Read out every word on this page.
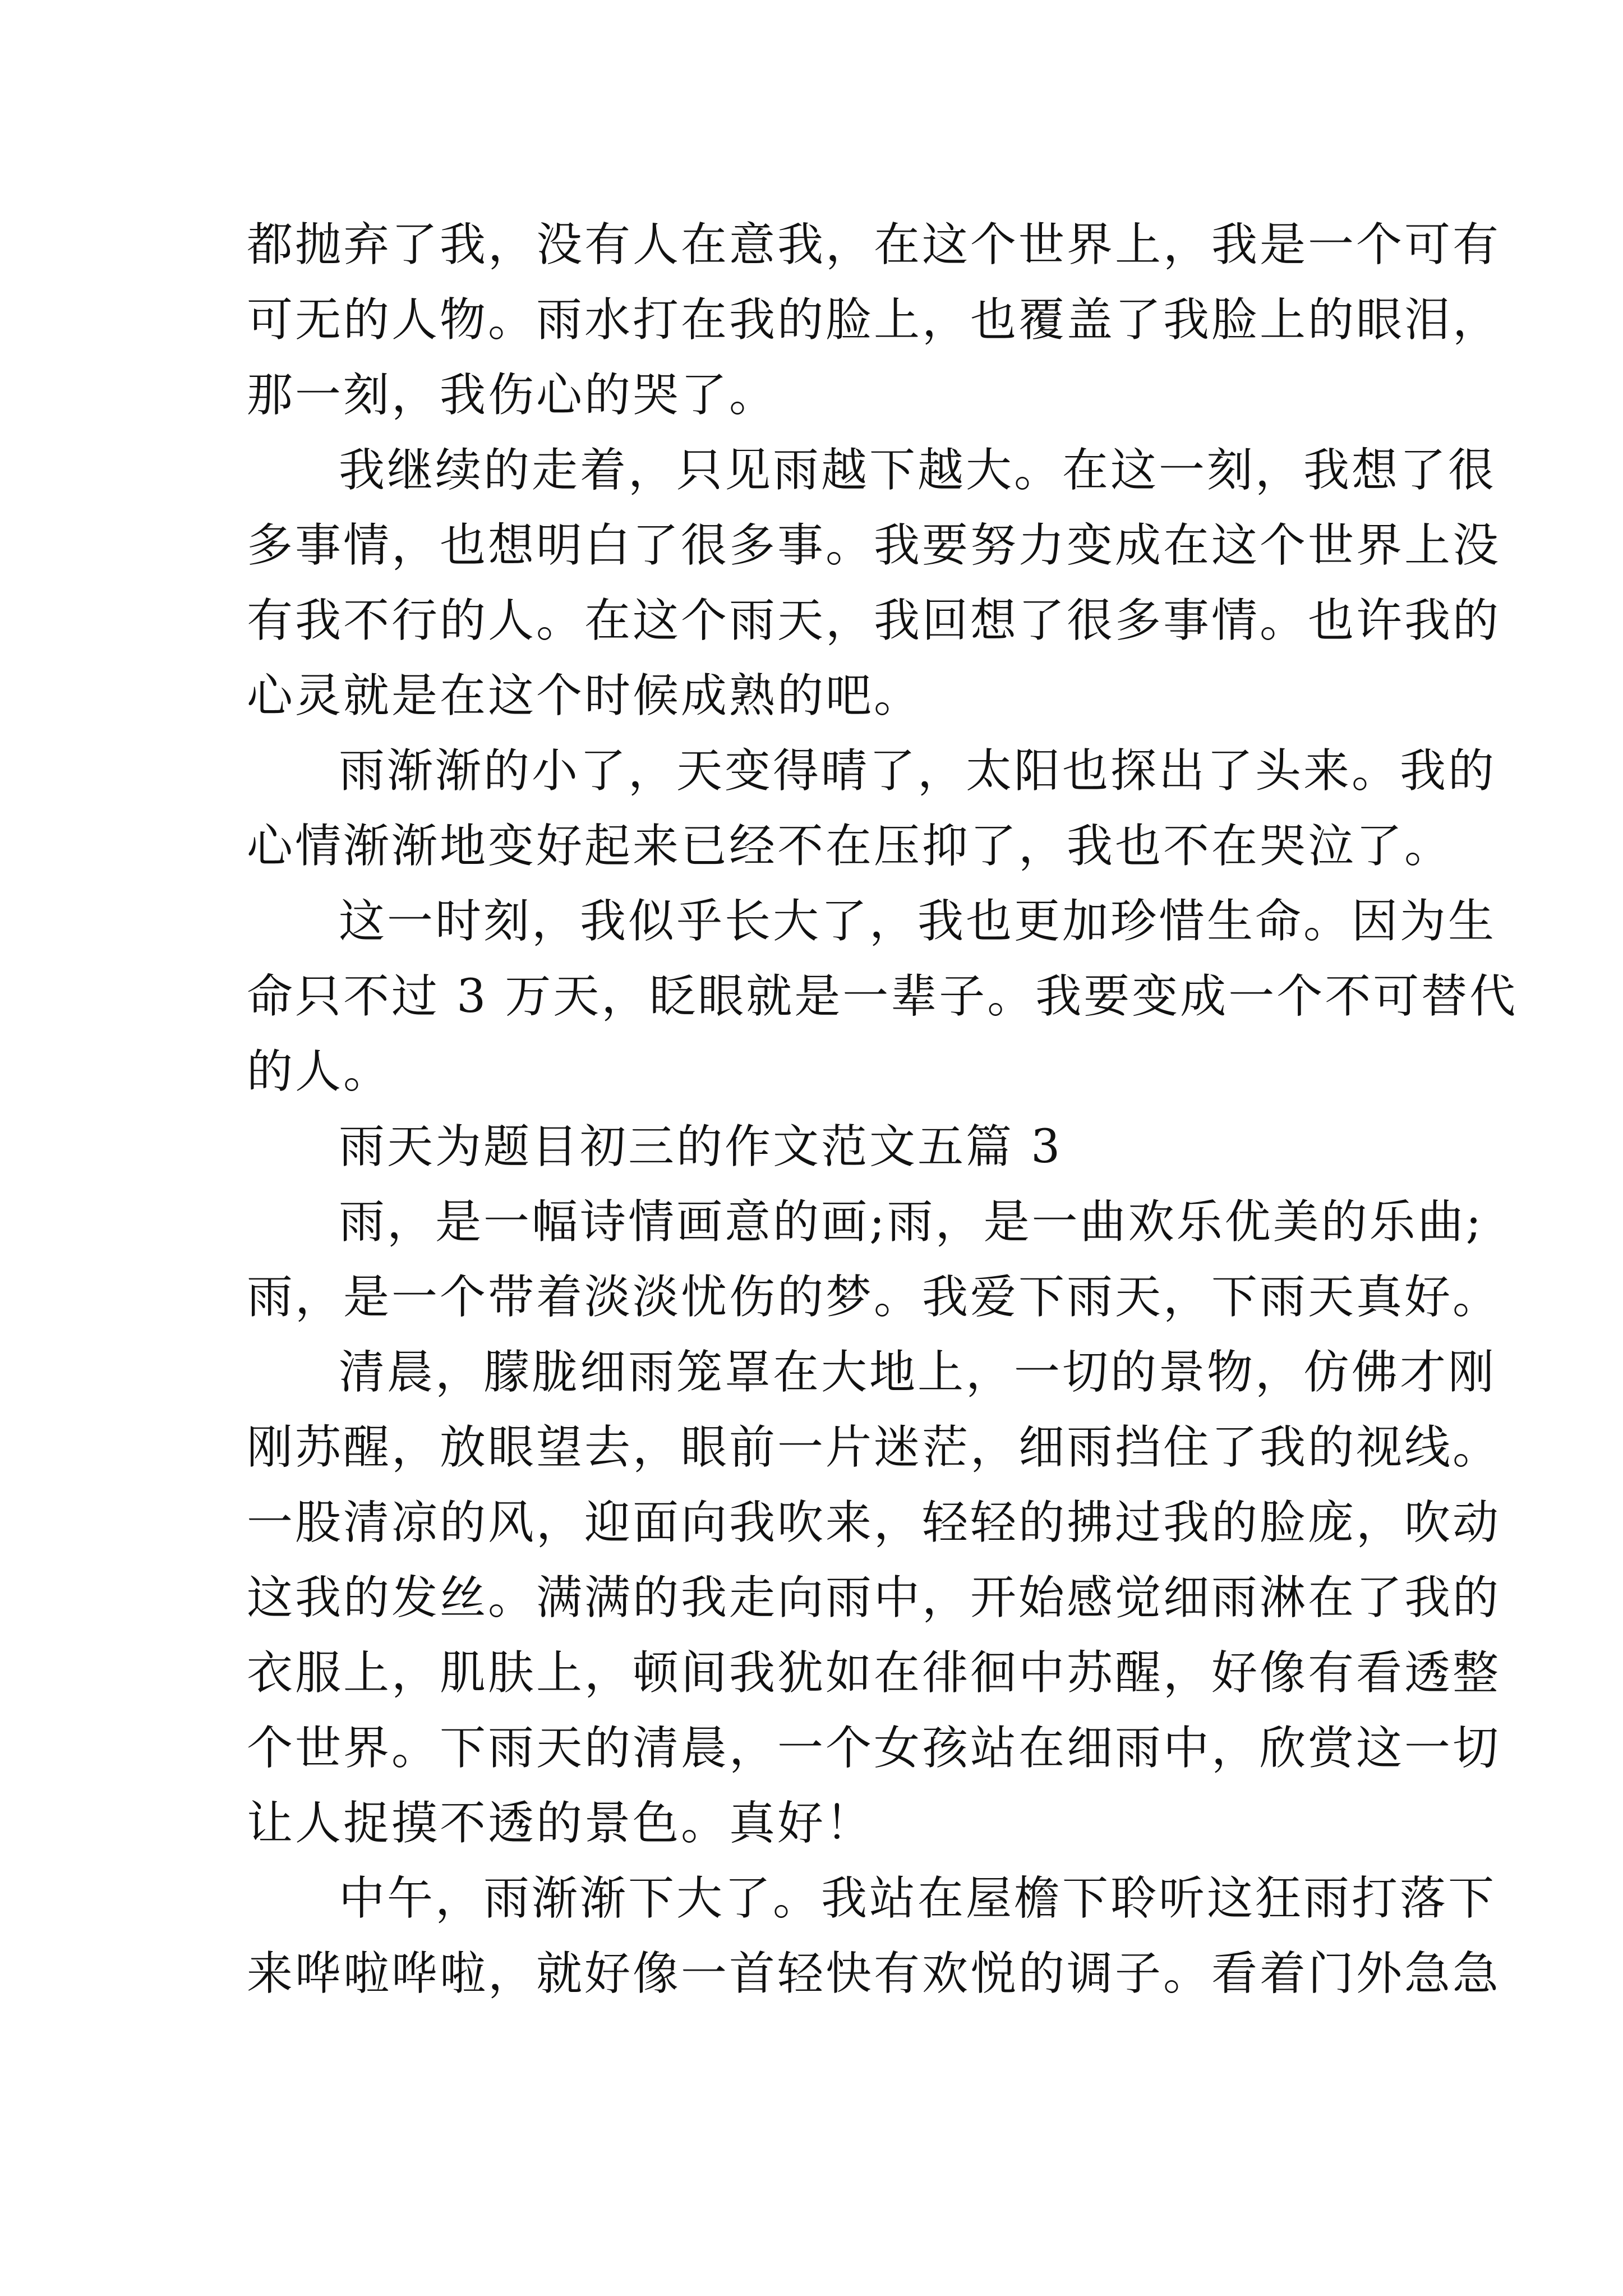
都抛弃了我，没有人在意我，在这个世界上，我是一个可有
可无的人物。雨水打在我的脸上，也覆盖了我脸上的眼泪，
那一刻，我伤心的哭了。
我继续的走着，只见雨越下越大。在这一刻，我想了很
多事情，也想明白了很多事。我要努力变成在这个世界上没
有我不行的人。在这个雨天，我回想了很多事情。也许我的
心灵就是在这个时候成熟的吧。
雨渐渐的小了，天变得晴了，太阳也探出了头来。我的
心情渐渐地变好起来已经不在压抑了，我也不在哭泣了。
这一时刻，我似乎长大了，我也更加珍惜生命。因为生
命只不过 3 万天，眨眼就是一辈子。我要变成一个不可替代
的人。
雨天为题目初三的作文范文五篇 3
雨，是一幅诗情画意的画;雨，是一曲欢乐优美的乐曲;
雨，是一个带着淡淡忧伤的梦。我爱下雨天，下雨天真好。
清晨，朦胧细雨笼罩在大地上，一切的景物，仿佛才刚
刚苏醒，放眼望去，眼前一片迷茫，细雨挡住了我的视线。
一股清凉的风，迎面向我吹来，轻轻的拂过我的脸庞，吹动
这我的发丝。满满的我走向雨中，开始感觉细雨淋在了我的
衣服上，肌肤上，顿间我犹如在徘徊中苏醒，好像有看透整
个世界。下雨天的清晨，一个女孩站在细雨中，欣赏这一切
让人捉摸不透的景色。真好！
中午，雨渐渐下大了。我站在屋檐下聆听这狂雨打落下
来哗啦哗啦，就好像一首轻快有欢悦的调子。看着门外急急
